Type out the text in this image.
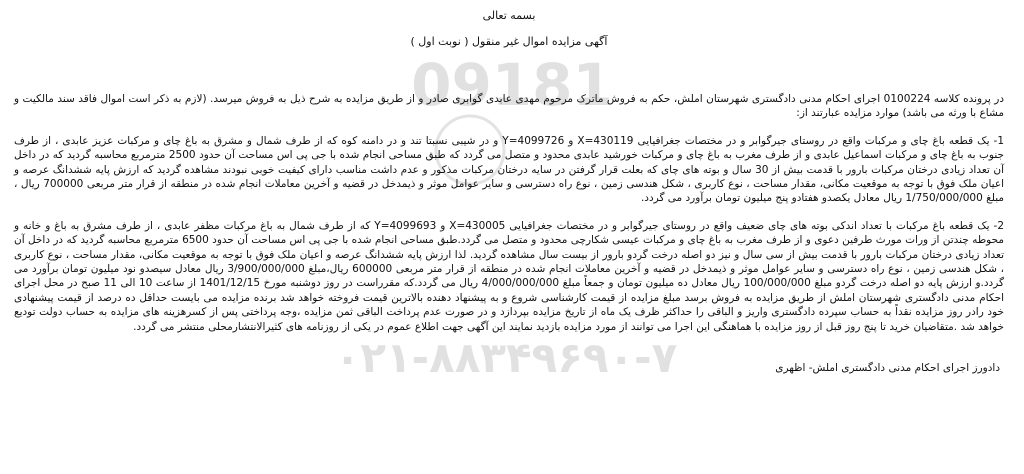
09181
۰۲۱-۸۸۳۴۹۶۹۰-۷
بسمه تعالی
آگهی مزایده اموال غیر منقول ( نوبت اول )

در پرونده کلاسه 0100224 اجرای احکام مدنی دادگستری شهرستان املش، حکم به فروش ماترک مرحوم مهدی عابدی گوابری صادر و از طریق مزایده به شرح ذیل به فروش میرسد. (لازم به ذکر است اموال فاقد سند مالکیت و مشاع با ورثه می باشد) موارد مزایده عبارتند از:

1- یک قطعه باغ چای و مرکبات واقع در روستای جیرگوابر و در مختصات جغرافیایی X=430119 و Y=4099726 و در شیبی نسبتا تند و در دامنه کوه که از طرف شمال و مشرق به باغ چای و مرکبات عزیز عابدی ، از طرف جنوب به باغ چای و مرکبات اسماعیل عابدی و از طرف مغرب به باغ چای و مرکبات خورشید عابدی محدود و متصل می گردد که طبق مساحی انجام شده با جی پی اس مساحت آن حدود 2500 مترمربع محاسبه گردید که در داخل آن تعداد زیادی درختان مرکبات بارور با قدمت بیش از 30 سال و بوته های چای که بعلت قرار گرفتن در سایه درختان مرکبات مذکور و عدم داشت مناسب دارای کیفیت خوبی نبودند مشاهده گردید که ارزش پایه ششدانگ عرصه و اعیان ملک فوق با توجه به موقعیت مکانی، مقدار مساحت ، نوع کاربری ، شکل هندسی زمین ، نوع راه دسترسی و سایر عوامل موثر و ذیمدخل در قضیه و آخرین معاملات انجام شده در منطقه از قرار متر مربعی 700000 ریال ، مبلغ 1/750/000/000 ریال معادل یکصدو هفتادو پنج میلیون تومان برآورد می گردد.

2- یک قطعه باغ مرکبات با تعداد اندکی بوته های چای ضعیف واقع در روستای جیرگوابر و در مختصات جغرافیایی X=430005 و Y=4099693 که از طرف شمال به باغ مرکبات مظفر عابدی ، از طرف مشرق به باغ و خانه و محوطه چندتن از ورات مورث طرفین دعوی و از طرف مغرب به باغ چای و مرکبات عیسی شکارچی محدود و متصل می گردد.طبق مساحی انجام شده با جی پی اس مساحت آن حدود 6500 مترمربع محاسبه گردید که در داخل آن تعداد زیادی درختان مرکبات بارور با قدمت بیش از سی سال و نیز دو اصله درخت گردو بارور از بیست سال مشاهده گردید. لذا ارزش پایه ششدانگ عرصه و اعیان ملک فوق با توجه به موقعیت مکانی، مقدار مساحت ، نوع کاربری ، شکل هندسی زمین ، نوع راه دسترسی و سایر عوامل موثر و ذیمدخل در قضیه و آخرین معاملات انجام شده در منطقه از قرار متر مربعی 600000 ریال،مبلغ 3/900/000/000 ریال معادل سیصدو نود میلیون تومان برآورد می گردد.و ارزش پایه دو اصله درخت گردو مبلغ 100/000/000 ریال معادل ده میلیون تومان و جمعاً مبلغ 4/000/000/000 ریال می گردد.که مقرراست در روز دوشنبه مورخ 1401/12/15 از ساعت 10 الی 11 صبح در محل اجرای احکام مدنی دادگستری شهرستان املش از طریق مزایده به فروش برسد مبلغ مزایده از قیمت کارشناسی شروع و به پیشنهاد دهنده بالاترین قیمت فروخته خواهد شد برنده مزایده می بایست حداقل ده درصد از قیمت پیشنهادی خود رادر روز مزایده نقداً به حساب سپرده دادگستری واریز و الباقی را حداکثر ظرف یک ماه از تاریخ مزایده بپردازد و در صورت عدم پرداخت الباقی ثمن مزایده ،وجه پرداختی پس از کسرهزینه های مزایده به حساب دولت تودیع خواهد شد .متقاضیان خرید تا پنج روز قبل از روز مزایده با هماهنگی این اجرا می توانند از مورد مزایده بازدید نمایند این آگهی جهت اطلاع عموم در یکی از روزنامه های کثیرالانتشارمحلی منتشر می گردد.

دادورز اجرای احکام مدنی دادگستری املش- اظهری
